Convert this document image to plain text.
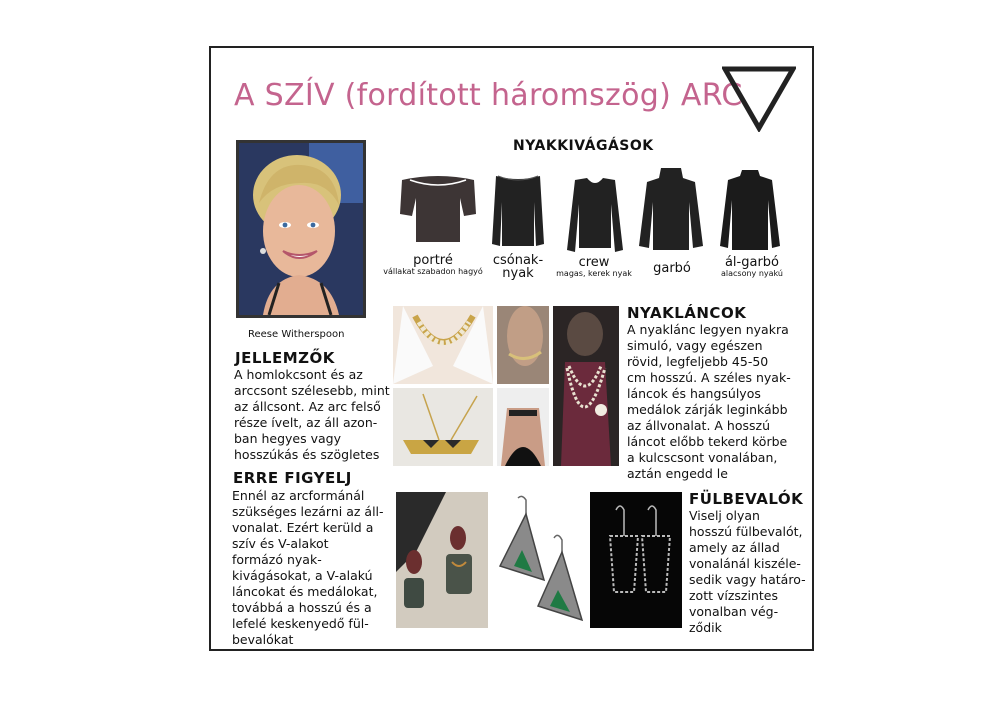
A SZÍV (fordított háromszög) ARC
Reese Witherspoon
NYAKKIVÁGÁSOK
portré
vállakat szabadon hagyó
csónak-
nyak
crew
magas, kerek nyak	garbó	ál-garbó
alacsony nyakú
NYAKLÁNCOK
A nyaklánc legyen nyakra
simuló, vagy egészen
rövid, legfeljebb 45-50
cm hosszú. A széles nyak-
láncok és hangsúlyos
medálok zárják leginkább
az állvonalat. A hosszú
láncot előbb tekerd körbe
a kulcscsont vonalában,
aztán engedd le
JELLEMZŐK
A homlokcsont és az
arccsont szélesebb, mint
az állcsont. Az arc felső
része ívelt, az áll azon-
ban hegyes vagy
hosszúkás és szögletes
ERRE FIGYELJ
Ennél az arcformánál
szükséges lezárni az áll-
vonalat. Ezért kerüld a
szív és V-alakot
formázó nyak-
kivágásokat, a V-alakú
láncokat és medálokat,
továbbá a hosszú és a
lefelé keskenyedő fül-
bevalókat
FÜLBEVALÓK
Viselj olyan
hosszú fülbevalót,
amely az állad
vonalánál kiszéle-
sedik vagy határo-
zott vízszintes
vonalban vég-
ződik
